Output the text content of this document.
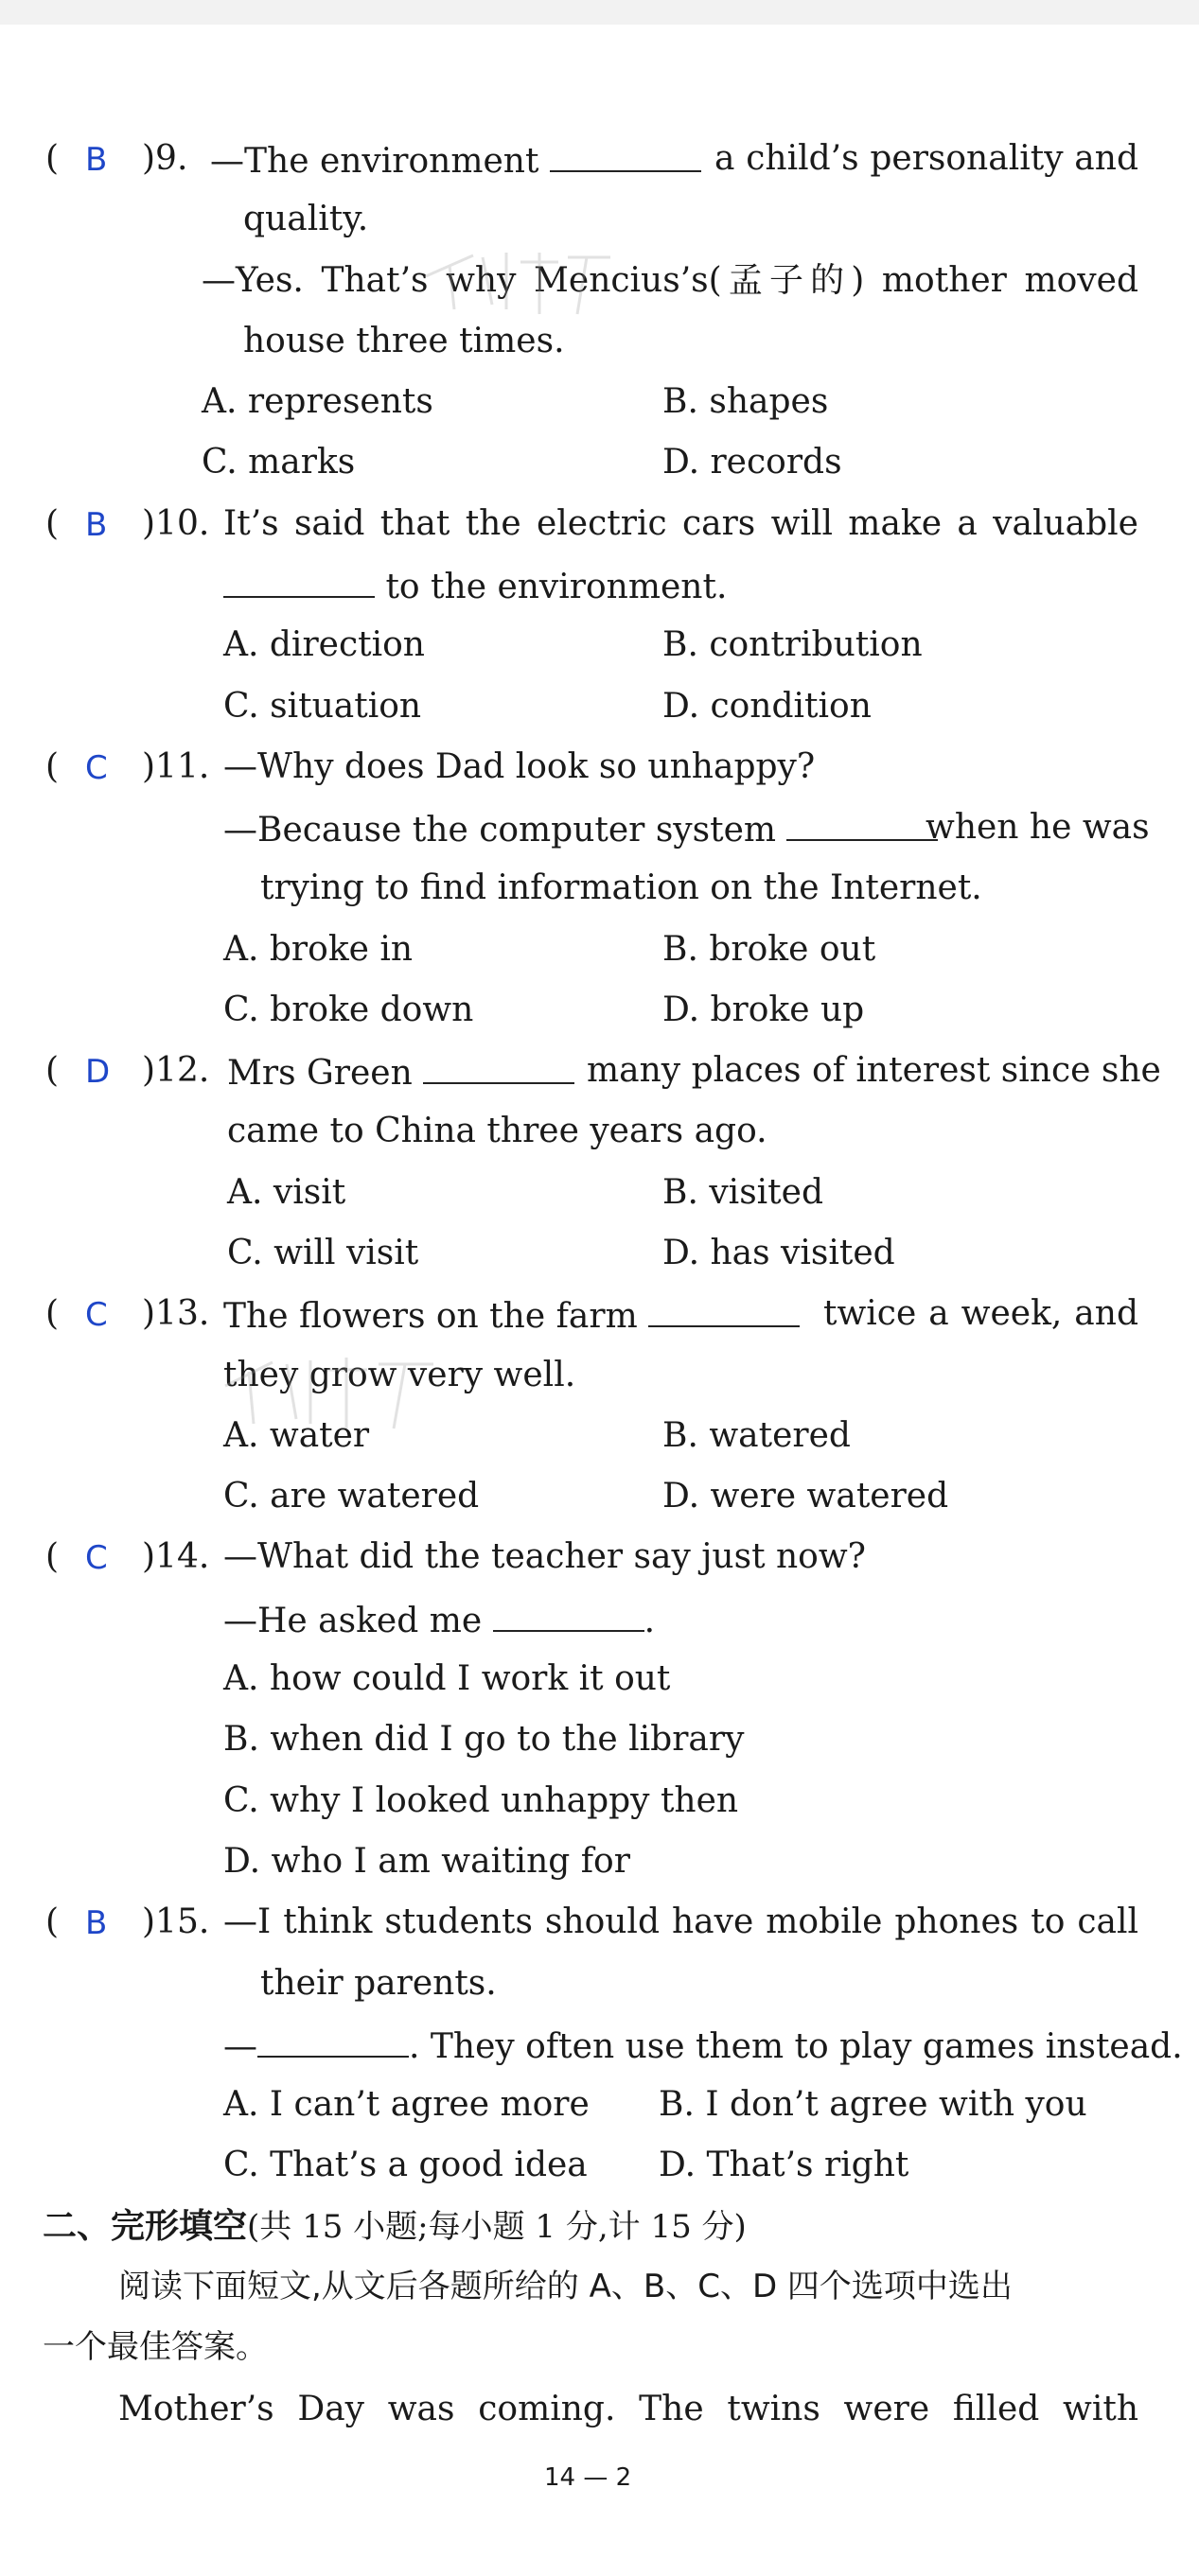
( B )9. —The environment	a child’s personality and
quality.
—Yes. That’s why Mencius’s(孟子的) mother moved
house three times.
A. represents	B. shapes
C. marks	D. records
( B )10. It’s said that the electric cars will make a valuable
to the environment.
A. direction	B. contribution
C. situation	D. condition
( C )11. —Why does Dad look so unhappy?
—Because the computer system	when he was
trying to find information on the Internet.
A. broke in	B. broke out
C. broke down	D. broke up
( D )12. Mrs Green	many places of interest since she
came to China three years ago.
A. visit	B. visited
C. will visit	D. has visited
( C )13. The flowers on the farm	twice a week, and
they grow very well.
A. water	B. watered
C. are watered	D. were watered
( C )14. —What did the teacher say just now?
—He asked me	.
A. how could I work it out
B. when did I go to the library
C. why I looked unhappy then
D. who I am waiting for
( B )15. —I think students should have mobile phones to call
their parents.
—	. They often use them to play games instead.
A. I can’t agree more B. I don’t agree with you
C. That’s a good idea D. That’s right
二、完形填空(共 15 小题;每小题 1 分,计 15 分)
阅读下面短文,从文后各题所给的 A、B、C、D 四个选项中选出
一个最佳答案。
Mother’s Day was coming. The twins were filled with
14 — 2
